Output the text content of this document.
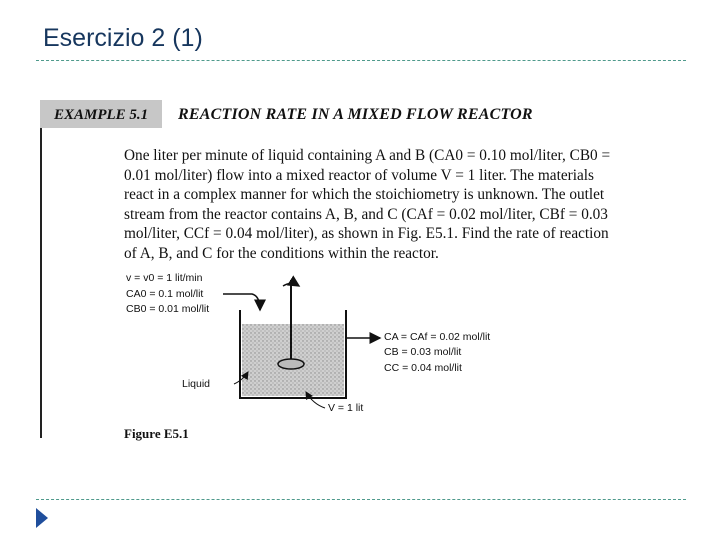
Esercizio 2 (1)
EXAMPLE 5.1	REACTION RATE IN A MIXED FLOW REACTOR

One liter per minute of liquid containing A and B (CA0 = 0.10 mol/liter, CB0 =
0.01 mol/liter) flow into a mixed reactor of volume V = 1 liter. The materials
react in a complex manner for which the stoichiometry is unknown. The outlet
stream from the reactor contains A, B, and C (CAf = 0.02 mol/liter, CBf = 0.03
mol/liter, CCf = 0.04 mol/liter), as shown in Fig. E5.1. Find the rate of reaction
of A, B, and C for the conditions within the reactor.

v = v0 = 1 lit/min
CA0 = 0.1 mol/lit
CB0 = 0.01 mol/lit
CA = CAf = 0.02 mol/lit
CB = 0.03 mol/lit
CC = 0.04 mol/lit
Liquid
V = 1 lit
Figure E5.1
